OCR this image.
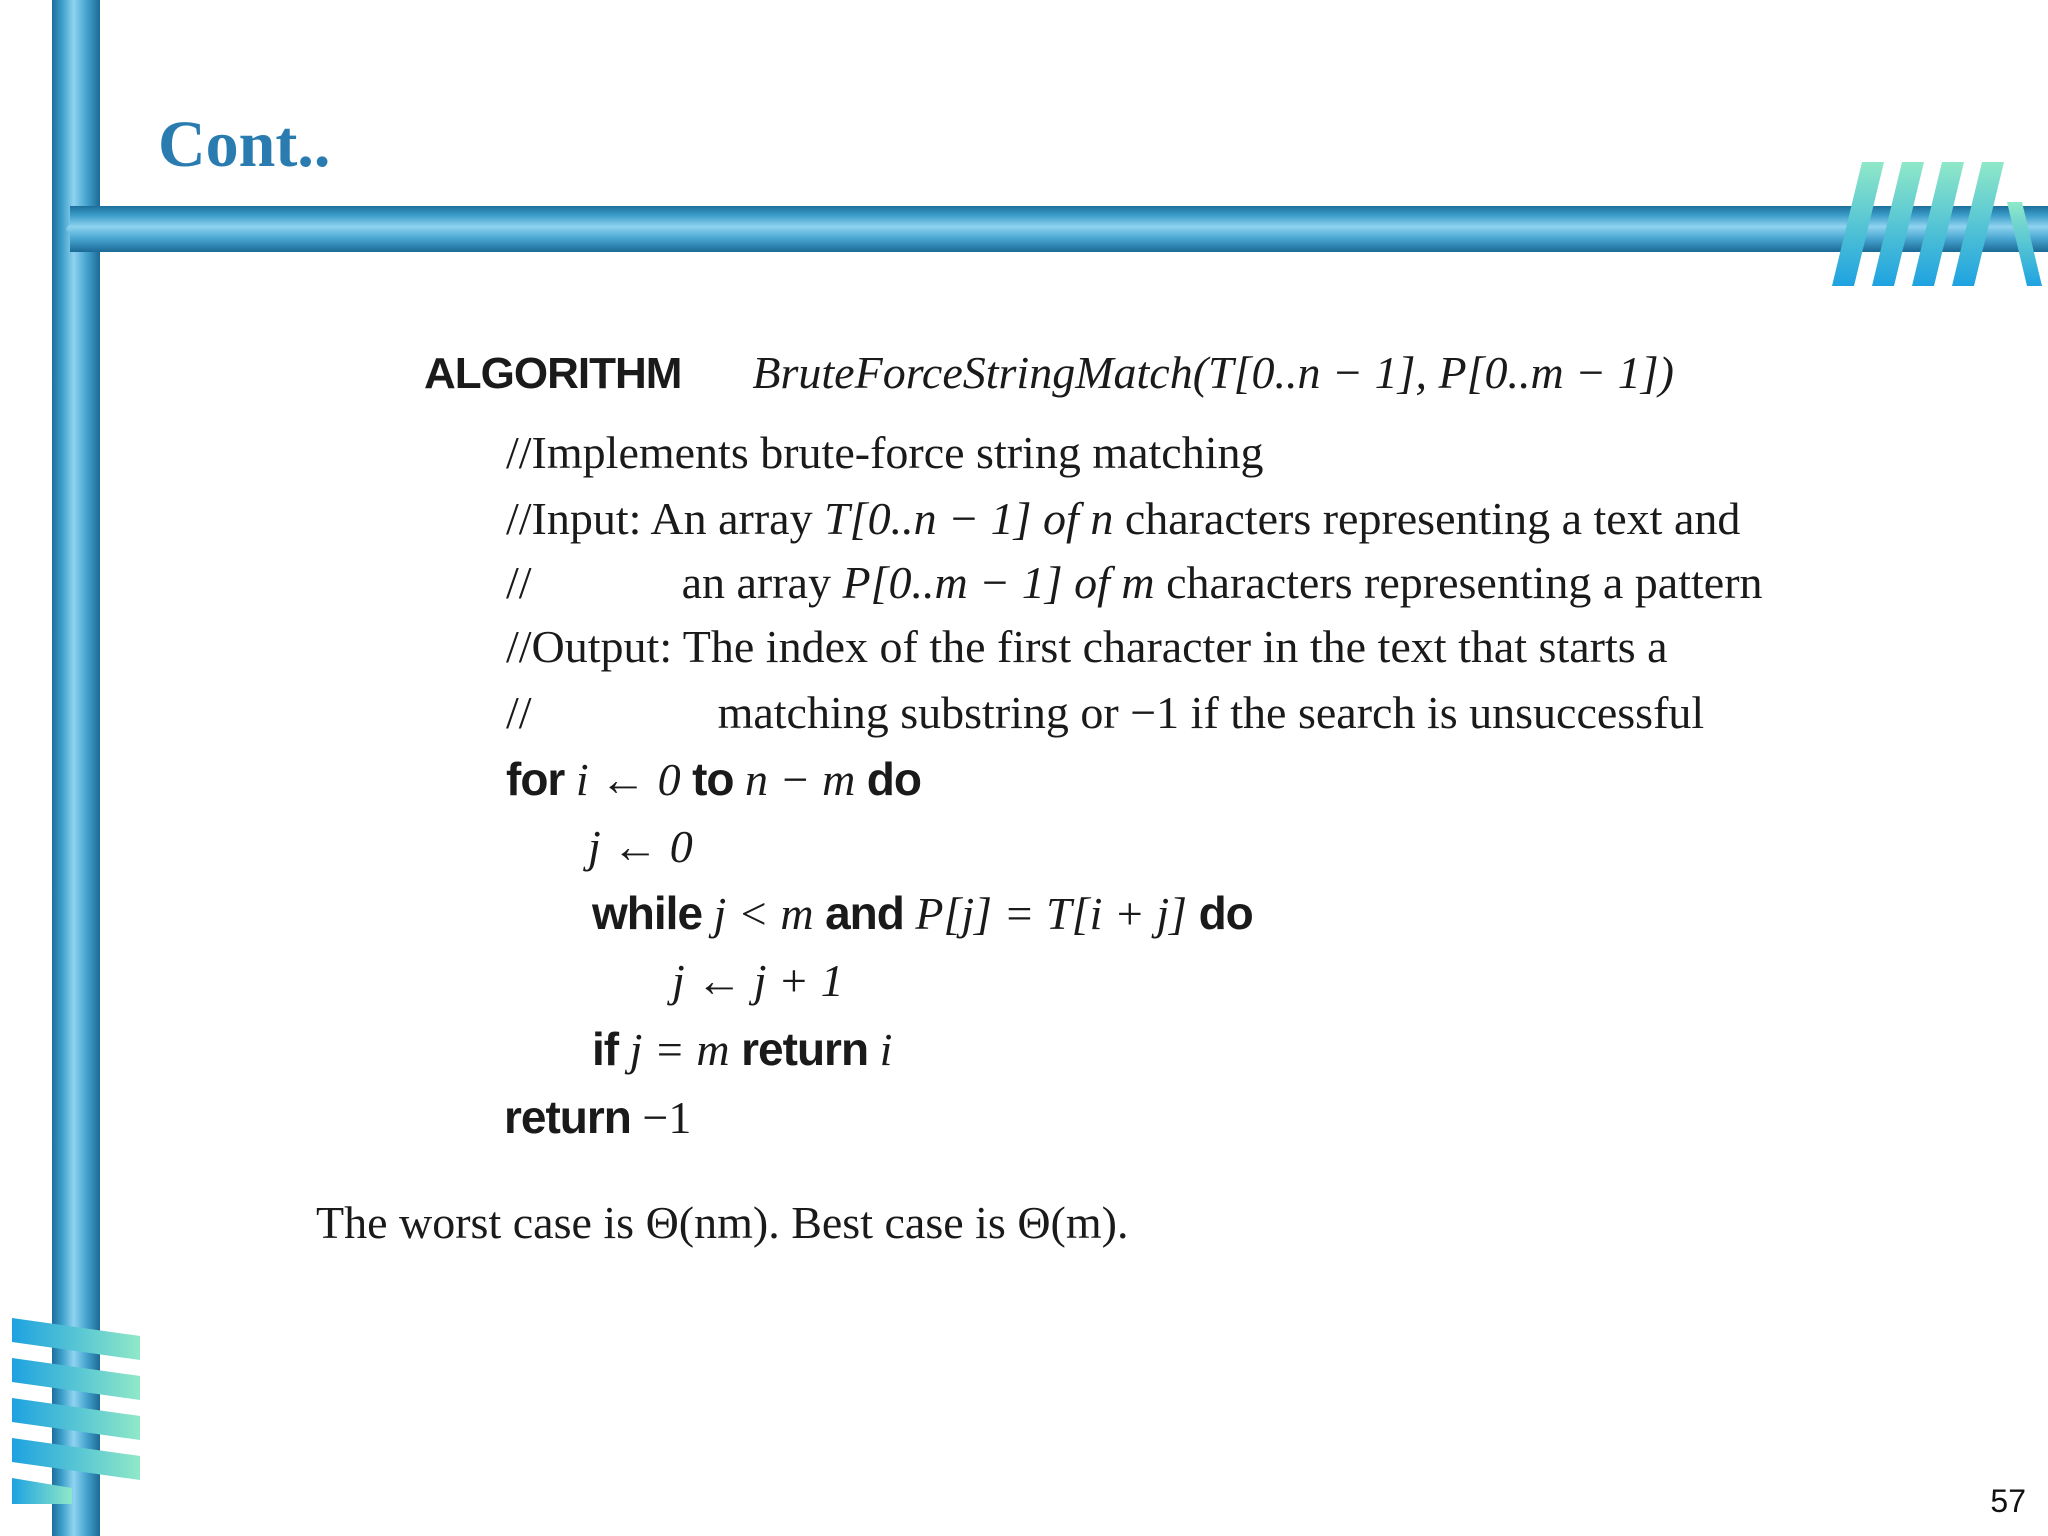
Cont..
ALGORITHM BruteForceStringMatch(T[0..n − 1], P[0..m − 1])
//Implements brute-force string matching
//Input: An array T[0..n − 1] of n characters representing a text and
//	an array P[0..m − 1] of m characters representing a pattern
//Output: The index of the first character in the text that starts a
//	matching substring or −1 if the search is unsuccessful
for i ← 0 to n − m do
j ← 0
while j < m and P[j] = T[i + j] do
j ← j + 1
if j = m return i
return −1
The worst case is Θ(nm). Best case is Θ(m).
57
